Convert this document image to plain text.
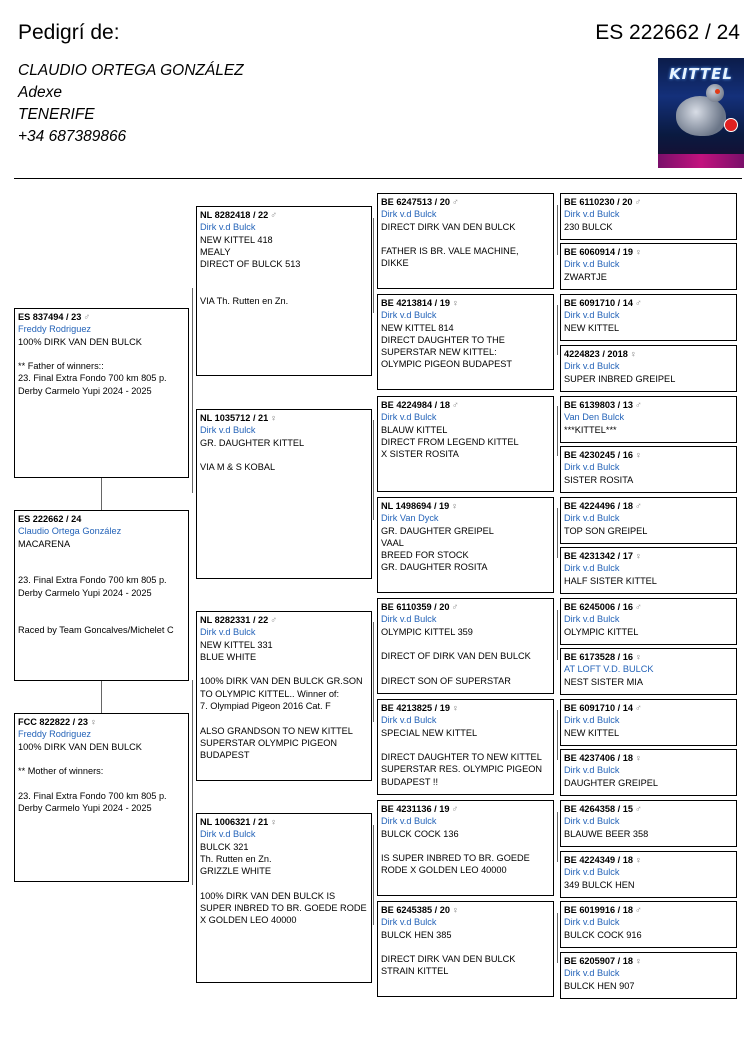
Pedigrí de:	ES 222662 / 24
CLAUDIO ORTEGA GONZÁLEZ
Adexe
TENERIFE
+34 687389866
KITTEL
ES 837494 / 23 ♂
Freddy Rodriguez
100% DIRK VAN DEN BULCK
** Father of winners::
23. Final Extra Fondo 700 km 805 p.
Derby Carmelo Yupi 2024 - 2025
ES 222662 / 24
Claudio Ortega González
MACARENA
23. Final Extra Fondo 700 km 805 p.
Derby Carmelo Yupi 2024 - 2025
Raced by Team Goncalves/Michelet C
FCC 822822 / 23 ♀
Freddy Rodriguez
100% DIRK VAN DEN BULCK
** Mother of winners:
23. Final Extra Fondo 700 km 805 p.
Derby Carmelo Yupi 2024 - 2025
NL 8282418 / 22 ♂
Dirk v.d Bulck
NEW KITTEL 418
MEALY
DIRECT OF BULCK 513
VIA Th. Rutten en Zn.
NL 1035712 / 21 ♀
Dirk v.d Bulck
GR. DAUGHTER KITTEL
VIA M & S KOBAL
NL 8282331 / 22 ♂
Dirk v.d Bulck
NEW KITTEL 331
BLUE WHITE
100% DIRK VAN DEN BULCK GR.SON
TO OLYMPIC KITTEL.. Winner of:
7. Olympiad Pigeon 2016 Cat. F
ALSO GRANDSON TO NEW KITTEL
SUPERSTAR OLYMPIC PIGEON
BUDAPEST
NL 1006321 / 21 ♀
Dirk v.d Bulck
BULCK 321
Th. Rutten en Zn.
GRIZZLE WHITE
100% DIRK VAN DEN BULCK IS
SUPER INBRED TO BR. GOEDE RODE
X GOLDEN LEO 40000
BE 6247513 / 20 ♂
Dirk v.d Bulck
DIRECT DIRK VAN DEN BULCK
FATHER IS BR. VALE MACHINE,
DIKKE
BE 4213814 / 19 ♀
Dirk v.d Bulck
NEW KITTEL 814
DIRECT DAUGHTER TO THE
SUPERSTAR NEW KITTEL:
OLYMPIC PIGEON BUDAPEST
BE 4224984 / 18 ♂
Dirk v.d Bulck
BLAUW KITTEL
DIRECT FROM LEGEND KITTEL
X SISTER ROSITA
NL 1498694 / 19 ♀
Dirk Van Dyck
GR. DAUGHTER GREIPEL
VAAL
BREED FOR STOCK
GR. DAUGHTER ROSITA
BE 6110359 / 20 ♂
Dirk v.d Bulck
OLYMPIC KITTEL 359
DIRECT OF DIRK VAN DEN BULCK
DIRECT SON OF SUPERSTAR
BE 4213825 / 19 ♀
Dirk v.d Bulck
SPECIAL NEW KITTEL
DIRECT DAUGHTER TO NEW KITTEL
SUPERSTAR RES. OLYMPIC PIGEON
BUDAPEST !!
BE 4231136 / 19 ♂
Dirk v.d Bulck
BULCK COCK 136
IS SUPER INBRED TO BR. GOEDE
RODE X GOLDEN LEO 40000
BE 6245385 / 20 ♀
Dirk v.d Bulck
BULCK HEN 385
DIRECT DIRK VAN DEN BULCK
STRAIN KITTEL
BE 6110230 / 20 ♂
Dirk v.d Bulck
230 BULCK
BE 6060914 / 19 ♀
Dirk v.d Bulck
ZWARTJE
BE 6091710 / 14 ♂
Dirk v.d Bulck
NEW KITTEL
4224823 / 2018 ♀
Dirk v.d Bulck
SUPER INBRED GREIPEL
BE 6139803 / 13 ♂
Van Den Bulck
***KITTEL***
BE 4230245 / 16 ♀
Dirk v.d Bulck
SISTER ROSITA
BE 4224496 / 18 ♂
Dirk v.d Bulck
TOP SON GREIPEL
BE 4231342 / 17 ♀
Dirk v.d Bulck
HALF SISTER KITTEL
BE 6245006 / 16 ♂
Dirk v.d Bulck
OLYMPIC KITTEL
BE 6173528 / 16 ♀
AT LOFT V.D. BULCK
NEST SISTER MIA
BE 6091710 / 14 ♂
Dirk v.d Bulck
NEW KITTEL
BE 4237406 / 18 ♀
Dirk v.d Bulck
DAUGHTER GREIPEL
BE 4264358 / 15 ♂
Dirk v.d Bulck
BLAUWE BEER 358
BE 4224349 / 18 ♀
Dirk v.d Bulck
349 BULCK HEN
BE 6019916 / 18 ♂
Dirk v.d Bulck
BULCK COCK 916
BE 6205907 / 18 ♀
Dirk v.d Bulck
BULCK HEN 907
